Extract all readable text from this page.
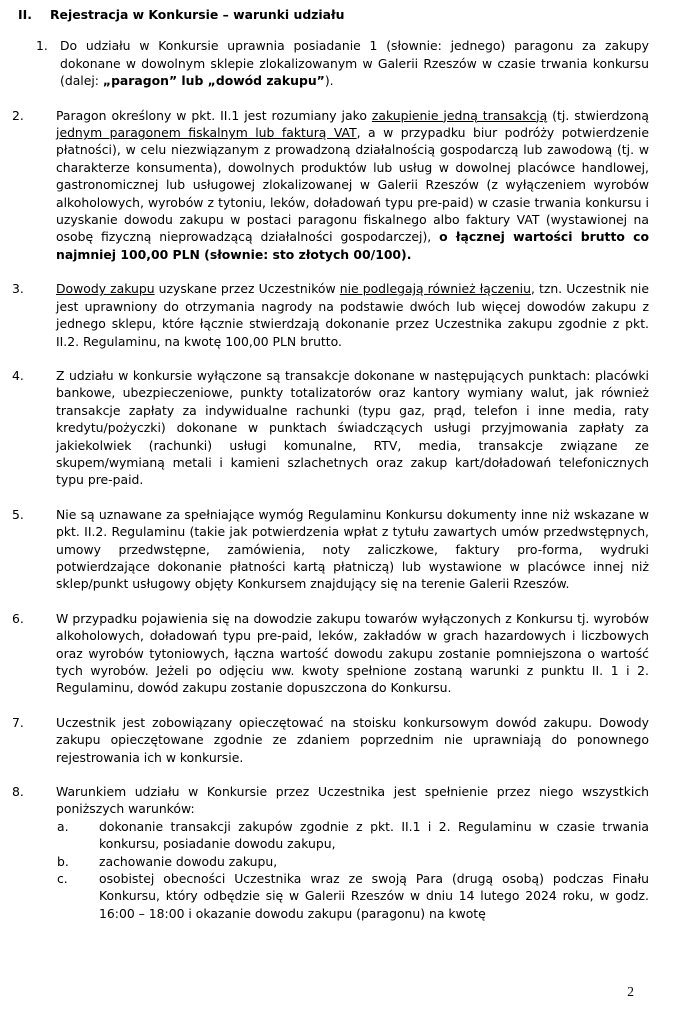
II.	Rejestracja w Konkursie – warunki udziału
1. Do udziału w Konkursie uprawnia posiadanie 1 (słownie: jednego) paragonu za zakupy dokonane w dowolnym sklepie zlokalizowanym w Galerii Rzeszów w czasie trwania konkursu (dalej: „paragon” lub „dowód zakupu”).

2.	Paragon określony w pkt. II.1 jest rozumiany jako zakupienie jedną transakcją (tj. stwierdzoną jednym paragonem fiskalnym lub fakturą VAT, a w przypadku biur podróży potwierdzenie płatności), w celu niezwiązanym z prowadzoną działalnością gospodarczą lub zawodową (tj. w charakterze konsumenta), dowolnych produktów lub usług w dowolnej placówce handlowej, gastronomicznej lub usługowej zlokalizowanej w Galerii Rzeszów (z wyłączeniem wyrobów alkoholowych, wyrobów z tytoniu, leków, doładowań typu pre-paid) w czasie trwania konkursu i uzyskanie dowodu zakupu w postaci paragonu fiskalnego albo faktury VAT (wystawionej na osobę fizyczną nieprowadzącą działalności gospodarczej), o łącznej wartości brutto co najmniej 100,00 PLN (słownie: sto złotych 00/100).

3.	Dowody zakupu uzyskane przez Uczestników nie podlegają również łączeniu, tzn. Uczestnik nie jest uprawniony do otrzymania nagrody na podstawie dwóch lub więcej dowodów zakupu z jednego sklepu, które łącznie stwierdzają dokonanie przez Uczestnika zakupu zgodnie z pkt. II.2. Regulaminu, na kwotę 100,00 PLN brutto.

4.	Z udziału w konkursie wyłączone są transakcje dokonane w następujących punktach: placówki bankowe, ubezpieczeniowe, punkty totalizatorów oraz kantory wymiany walut, jak również transakcje zapłaty za indywidualne rachunki (typu gaz, prąd, telefon i inne media, raty kredytu/pożyczki) dokonane w punktach świadczących usługi przyjmowania zapłaty za jakiekolwiek (rachunki) usługi komunalne, RTV, media, transakcje związane ze skupem/wymianą metali i kamieni szlachetnych oraz zakup kart/doładowań telefonicznych typu pre-paid.

5.	Nie są uznawane za spełniające wymóg Regulaminu Konkursu dokumenty inne niż wskazane w pkt. II.2. Regulaminu (takie jak potwierdzenia wpłat z tytułu zawartych umów przedwstępnych, umowy przedwstępne, zamówienia, noty zaliczkowe, faktury pro-forma, wydruki potwierdzające dokonanie płatności kartą płatniczą) lub wystawione w placówce innej niż sklep/punkt usługowy objęty Konkursem znajdujący się na terenie Galerii Rzeszów.

6.	W przypadku pojawienia się na dowodzie zakupu towarów wyłączonych z Konkursu tj. wyrobów alkoholowych, doładowań typu pre-paid, leków, zakładów w grach hazardowych i liczbowych oraz wyrobów tytoniowych, łączna wartość dowodu zakupu zostanie pomniejszona o wartość tych wyrobów. Jeżeli po odjęciu ww. kwoty spełnione zostaną warunki z punktu II. 1 i 2. Regulaminu, dowód zakupu zostanie dopuszczona do Konkursu.

7.	Uczestnik jest zobowiązany opieczętować na stoisku konkursowym dowód zakupu. Dowody zakupu opieczętowane zgodnie ze zdaniem poprzednim nie uprawniają do ponownego rejestrowania ich w konkursie.

8.	Warunkiem udziału w Konkursie przez Uczestnika jest spełnienie przez niego wszystkich poniższych warunków:

a.	dokonanie transakcji zakupów zgodnie z pkt. II.1 i 2. Regulaminu w czasie trwania konkursu, posiadanie dowodu zakupu,

b.	zachowanie dowodu zakupu,

c.	osobistej obecności Uczestnika wraz ze swoją Para (drugą osobą) podczas Finału Konkursu, który odbędzie się w Galerii Rzeszów w dniu 14 lutego 2024 roku, w godz. 16:00 – 18:00 i okazanie dowodu zakupu (paragonu) na kwotę

2
